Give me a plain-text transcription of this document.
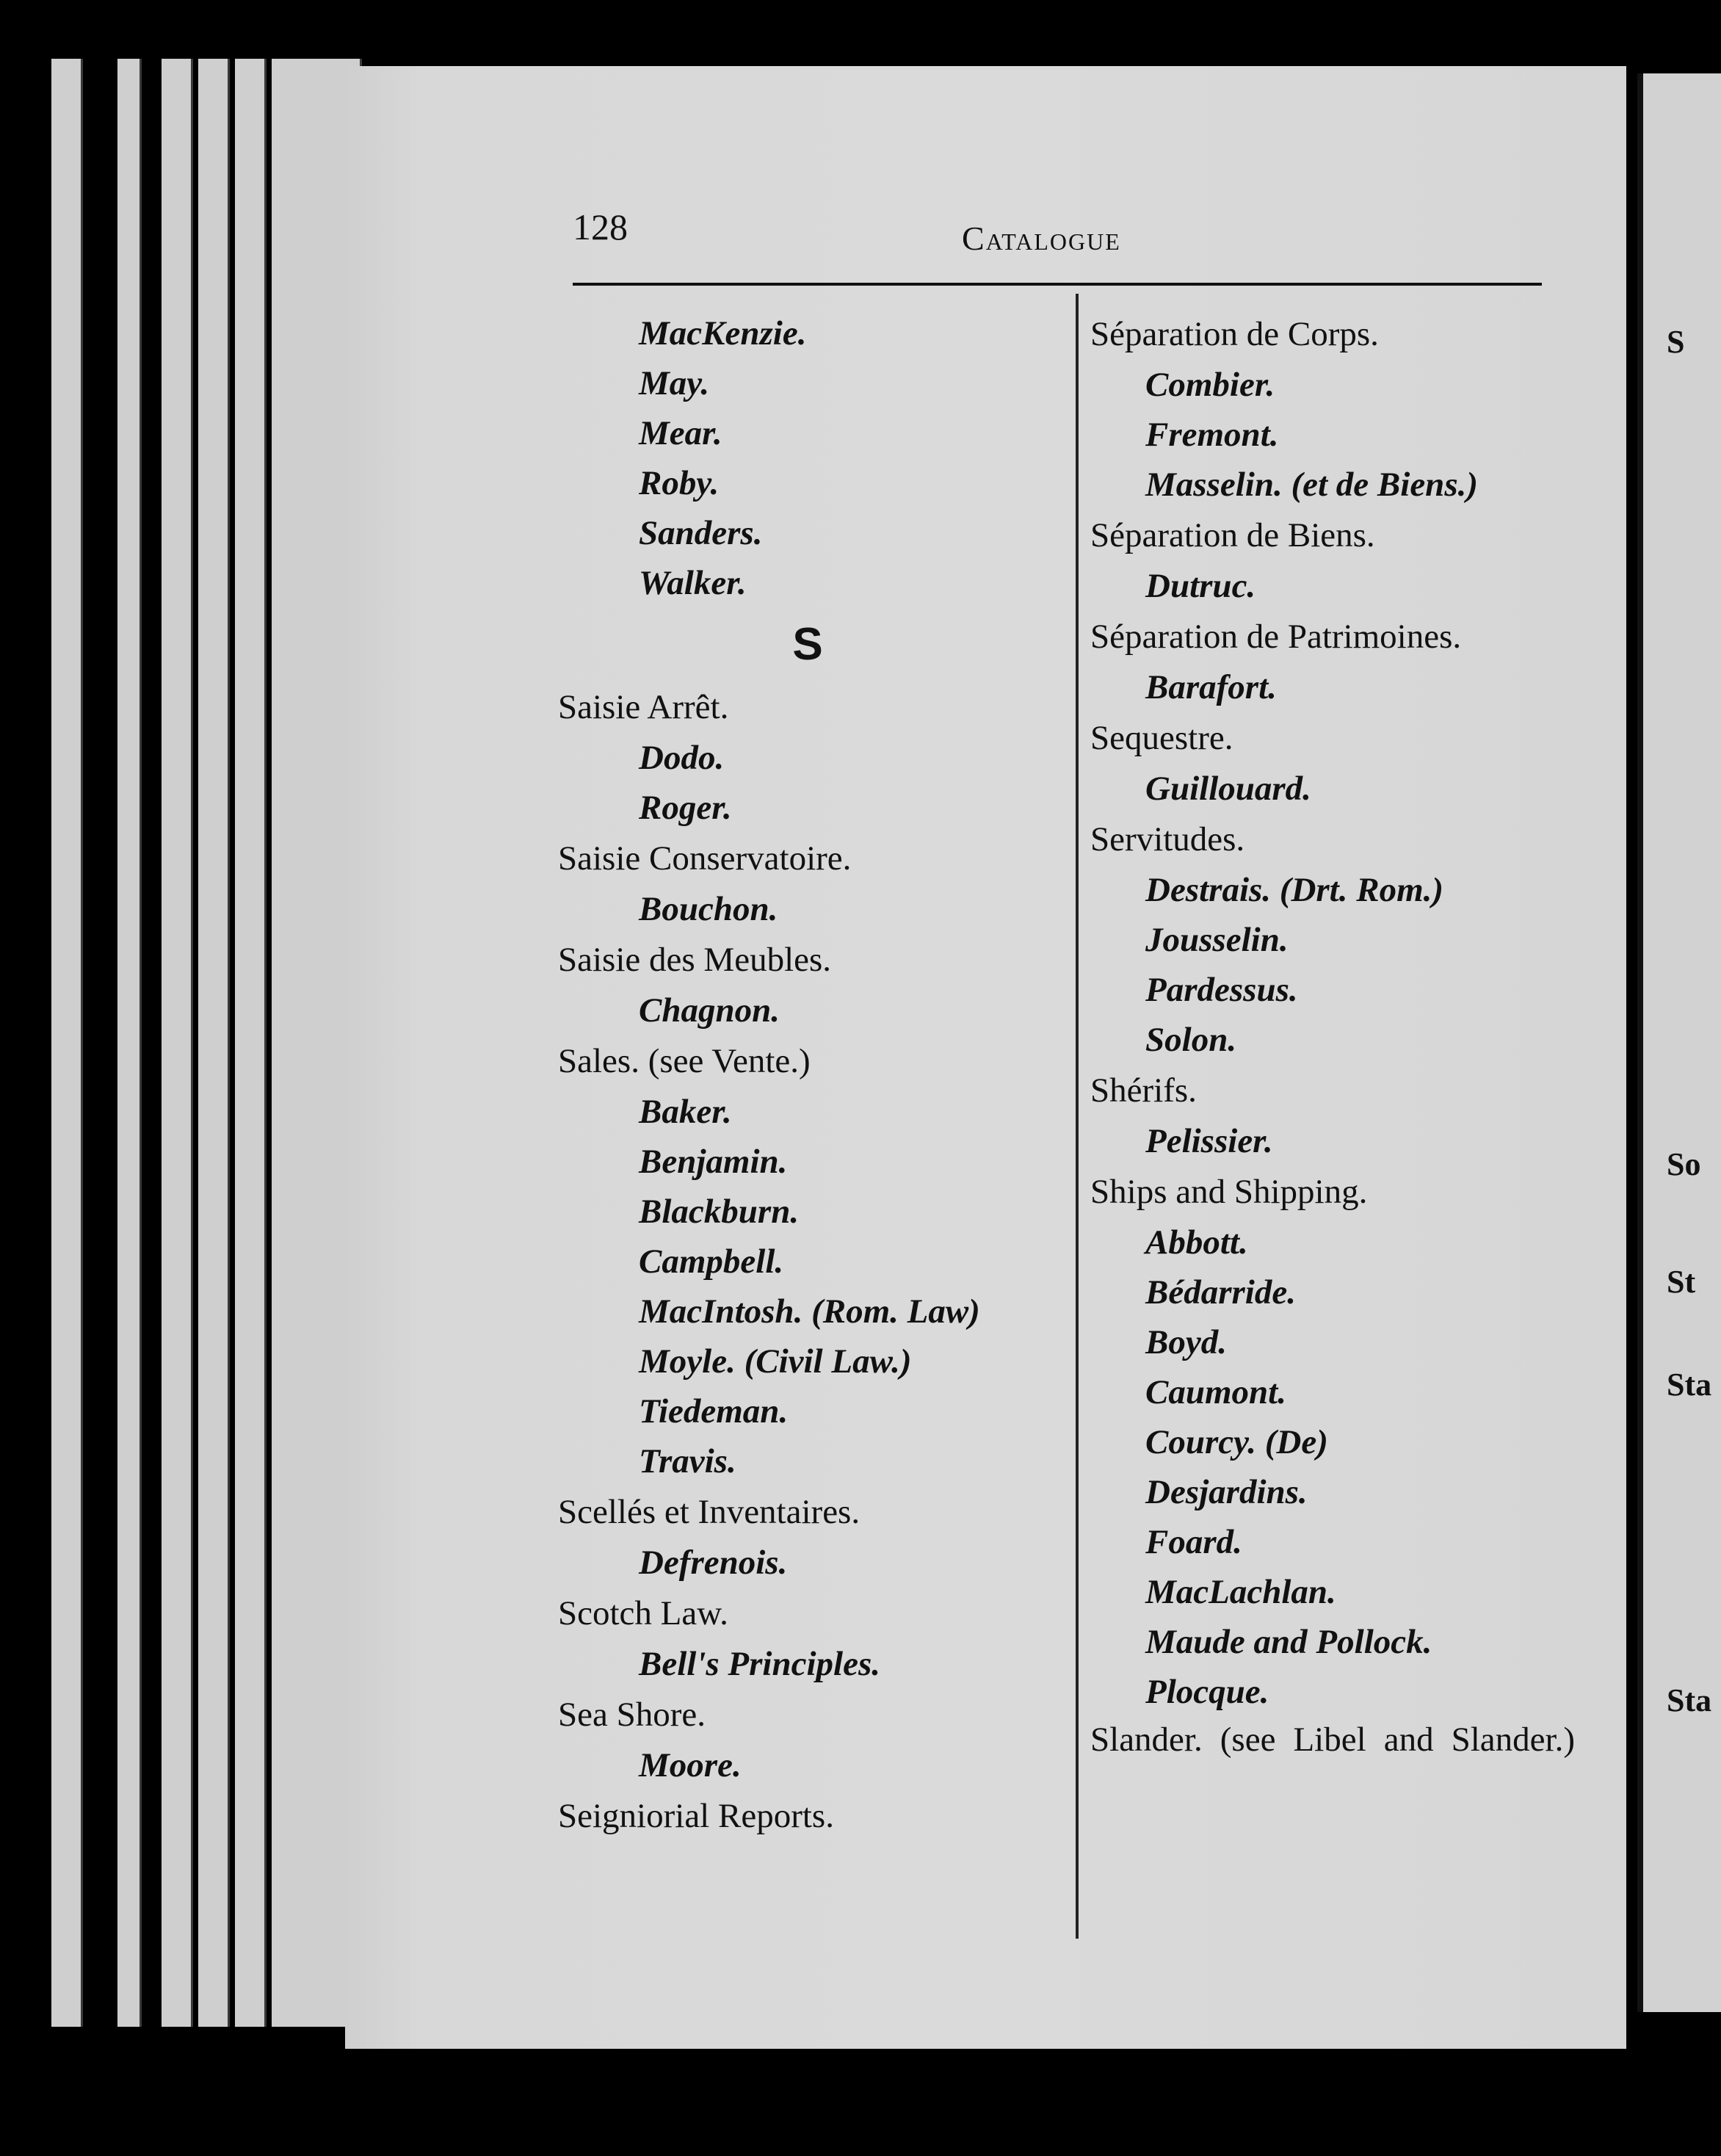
S
So
St
Sta
Sta
128	Catalogue
MacKenzie.
May.
Mear.
Roby.
Sanders.
Walker.
S
Saisie Arrêt.
Dodo.
Roger.
Saisie Conservatoire.
Bouchon.
Saisie des Meubles.
Chagnon.
Sales. (see Vente.)
Baker.
Benjamin.
Blackburn.
Campbell.
MacIntosh. (Rom. Law)
Moyle. (Civil Law.)
Tiedeman.
Travis.
Scellés et Inventaires.
Defrenois.
Scotch Law.
Bell's Principles.
Sea Shore.
Moore.
Seigniorial Reports.
Séparation de Corps.
Combier.
Fremont.
Masselin. (et de Biens.)
Séparation de Biens.
Dutruc.
Séparation de Patrimoines.
Barafort.
Sequestre.
Guillouard.
Servitudes.
Destrais. (Drt. Rom.)
Jousselin.
Pardessus.
Solon.
Shérifs.
Pelissier.
Ships and Shipping.
Abbott.
Bédarride.
Boyd.
Caumont.
Courcy. (De)
Desjardins.
Foard.
MacLachlan.
Maude and Pollock.
Plocque.
Slander. (see Libel and Slander.)
